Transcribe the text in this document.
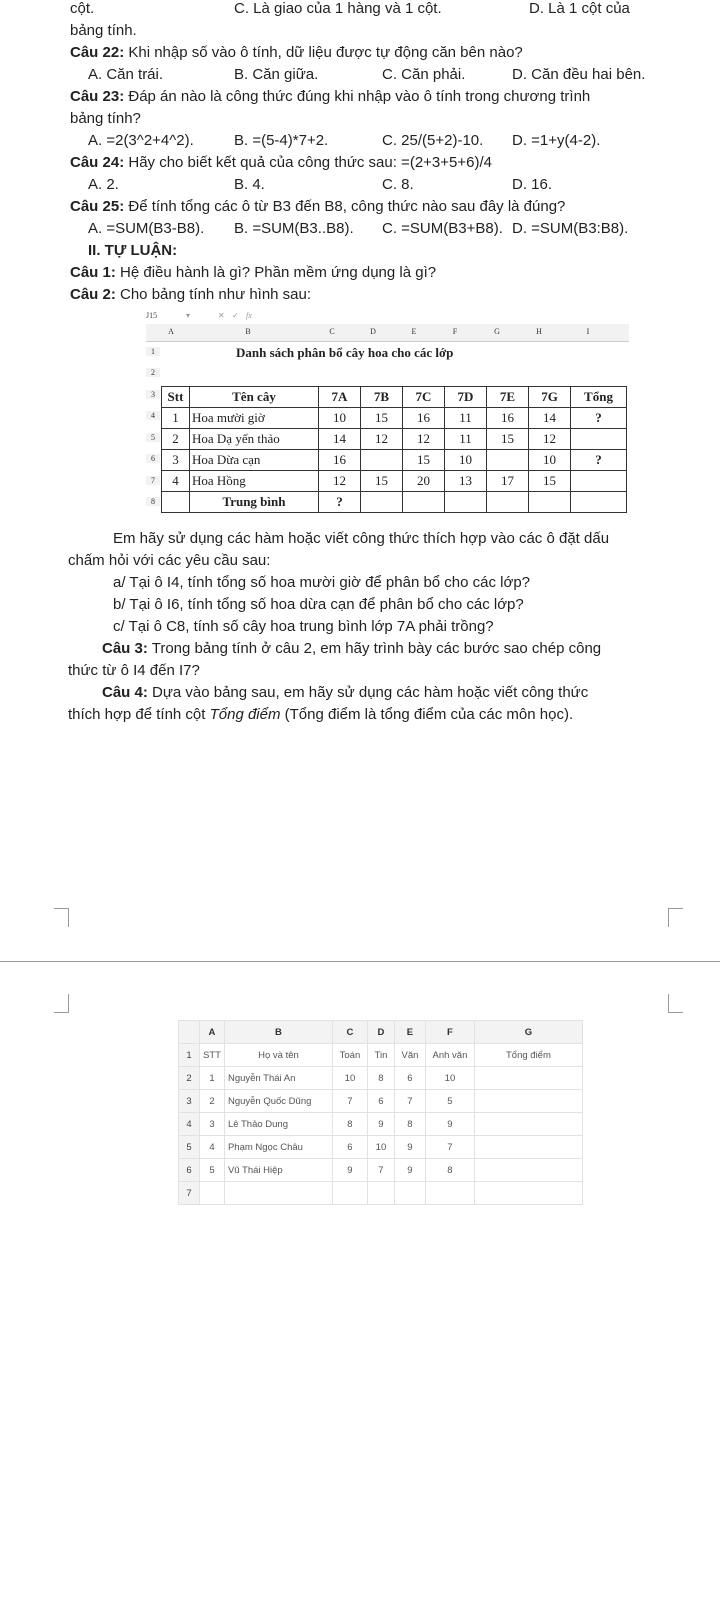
cột.	C. Là giao của 1 hàng và 1 cột.	D. Là 1 cột của
bảng tính.
Câu 22: Khi nhập số vào ô tính, dữ liệu được tự động căn bên nào?
A. Căn trái.	B. Căn giữa.	C. Căn phải.	D. Căn đều hai bên.
Câu 23: Đáp án nào là công thức đúng khi nhập vào ô tính trong chương trình
bảng tính?
A. =2(3^2+4^2).	B. =(5-4)*7+2.	C. 25/(5+2)-10. D. =1+y(4-2).
Câu 24: Hãy cho biết kết quả của công thức sau: =(2+3+5+6)/4
A. 2.	B. 4.	C. 8.	D. 16.
Câu 25: Để tính tổng các ô từ B3 đến B8, công thức nào sau đây là đúng?
A. =SUM(B3-B8). B. =SUM(B3..B8). C. =SUM(B3+B8). D. =SUM(B3:B8).
II. TỰ LUẬN:
Câu 1: Hệ điều hành là gì? Phần mềm ứng dụng là gì?
Câu 2: Cho bảng tính như hình sau:
J15	▾	✕ ✓ fx
A	B	C	D	E	F	G	H	I
1
2
3
4
5
6
7
8
Danh sách phân bổ cây hoa cho các lớp
Stt	Tên cây	7A	7B	7C	7D	7E	7G	Tổng
1	Hoa mười giờ	10	15	16	11	16	14	?
2	Hoa Dạ yến thảo	14	12	12	11	15	12	
3	Hoa Dừa cạn	16		15	10		10	?
4	Hoa Hồng	12	15	20	13	17	15	
	Trung bình	?						
Em hãy sử dụng các hàm hoặc viết công thức thích hợp vào các ô đặt dấu
chấm hỏi với các yêu cầu sau:
a/ Tại ô I4, tính tổng số hoa mười giờ để phân bổ cho các lớp?
b/ Tại ô I6, tính tổng số hoa dừa cạn để phân bổ cho các lớp?
c/ Tại ô C8, tính số cây hoa trung bình lớp 7A phải trồng?
Câu 3: Trong bảng tính ở câu 2, em hãy trình bày các bước sao chép công
thức từ ô I4 đến I7?
Câu 4: Dựa vào bảng sau, em hãy sử dụng các hàm hoặc viết công thức
thích hợp để tính cột Tổng điểm (Tổng điểm là tổng điểm của các môn học).
	A	B	C	D	E	F	G
1	STT	Họ và tên	Toán	Tin	Văn	Anh văn	Tổng điểm
2	1	Nguyễn Thái An	10	8	6	10	
3	2	Nguyễn Quốc Dũng	7	6	7	5	
4	3	Lê Thảo Dung	8	9	8	9	
5	4	Phạm Ngọc Châu	6	10	9	7	
6	5	Vũ Thái Hiệp	9	7	9	8	
7							
